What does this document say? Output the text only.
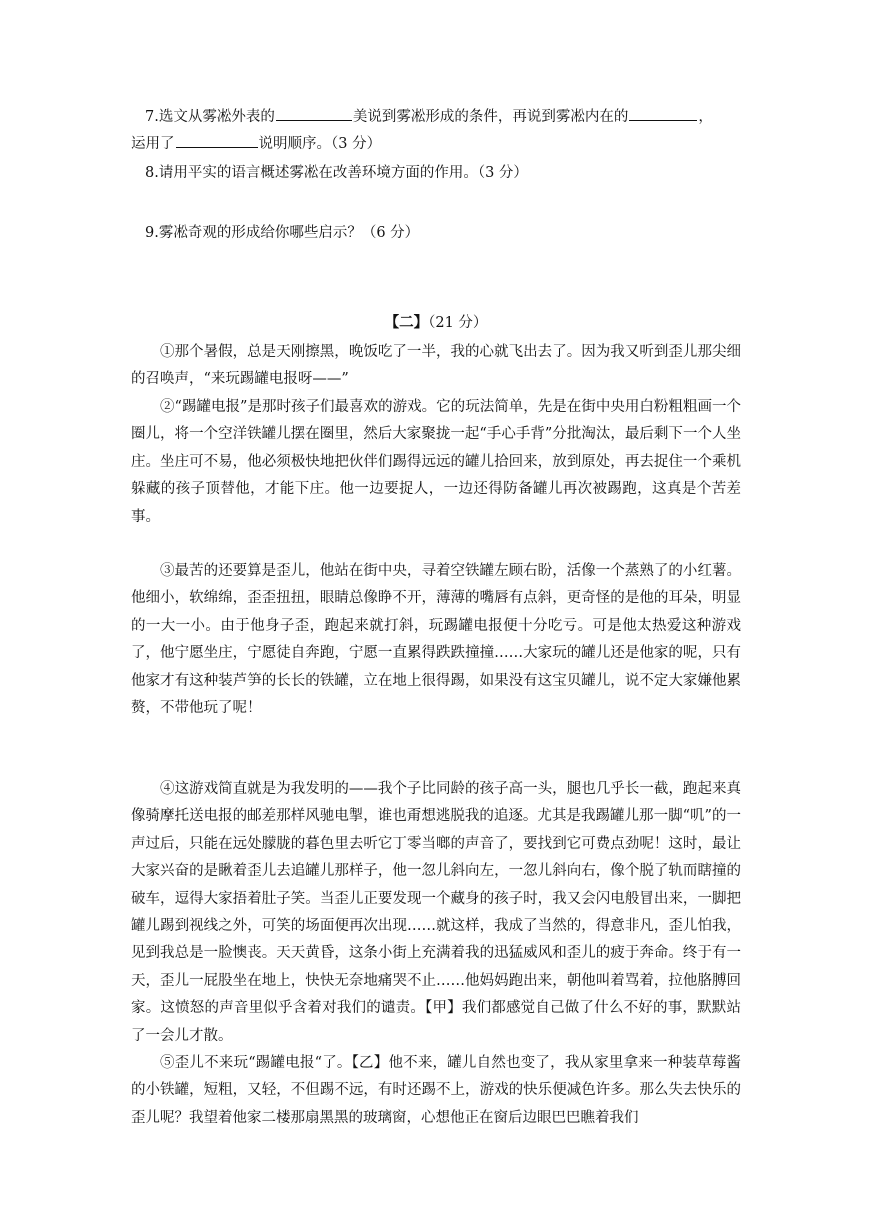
7.选文从雾凇外表的	美说到雾凇形成的条件，再说到雾凇内在的	，
运用了	说明顺序。（3 分）
8.请用平实的语言概述雾凇在改善环境方面的作用。（3 分）
9.雾凇奇观的形成给你哪些启示？（6 分）
【二】（21 分）

①那个暑假，总是天刚擦黑，晚饭吃了一半，我的心就飞出去了。因为我又听到歪儿那尖细的召唤声，“来玩踢罐电报呀——”

②“踢罐电报”是那时孩子们最喜欢的游戏。它的玩法简单，先是在街中央用白粉粗粗画一个圈儿，将一个空洋铁罐儿摆在圈里，然后大家聚拢一起“手心手背”分批淘汰，最后剩下一个人坐庄。坐庄可不易，他必须极快地把伙伴们踢得远远的罐儿拾回来，放到原处，再去捉住一个乘机躲藏的孩子顶替他，才能下庄。他一边要捉人，一边还得防备罐儿再次被踢跑，这真是个苦差事。

③最苦的还要算是歪儿，他站在街中央，寻着空铁罐左顾右盼，活像一个蒸熟了的小红薯。他细小，软绵绵，歪歪扭扭，眼睛总像睁不开，薄薄的嘴唇有点斜，更奇怪的是他的耳朵，明显的一大一小。由于他身子歪，跑起来就打斜，玩踢罐电报便十分吃亏。可是他太热爱这种游戏了，他宁愿坐庄，宁愿徒自奔跑，宁愿一直累得跌跌撞撞……大家玩的罐儿还是他家的呢，只有他家才有这种装芦笋的长长的铁罐，立在地上很得踢，如果没有这宝贝罐儿，说不定大家嫌他累赘，不带他玩了呢！

④这游戏简直就是为我发明的——我个子比同龄的孩子高一头，腿也几乎长一截，跑起来真像骑摩托送电报的邮差那样风驰电掣，谁也甭想逃脱我的追逐。尤其是我踢罐儿那一脚“叽”的一声过后，只能在远处朦胧的暮色里去听它丁零当啷的声音了，要找到它可费点劲呢！这时，最让大家兴奋的是瞅着歪儿去追罐儿那样子，他一忽儿斜向左，一忽儿斜向右，像个脱了轨而瞎撞的破车，逗得大家捂着肚子笑。当歪儿正要发现一个藏身的孩子时，我又会闪电般冒出来，一脚把罐儿踢到视线之外，可笑的场面便再次出现……就这样，我成了当然的，得意非凡，歪儿怕我，见到我总是一脸懊丧。天天黄昏，这条小街上充满着我的迅猛威风和歪儿的疲于奔命。终于有一天，歪儿一屁股坐在地上，快快无奈地痛哭不止……他妈妈跑出来，朝他叫着骂着，拉他胳膊回家。这愤怒的声音里似乎含着对我们的谴责。【甲】我们都感觉自己做了什么不好的事，默默站了一会儿才散。

⑤歪儿不来玩“踢罐电报“了。【乙】他不来，罐儿自然也变了，我从家里拿来一种装草莓酱的小铁罐，短粗，又轻，不但踢不远，有时还踢不上，游戏的快乐便减色许多。那么失去快乐的歪儿呢？我望着他家二楼那扇黑黑的玻璃窗，心想他正在窗后边眼巴巴瞧着我们
